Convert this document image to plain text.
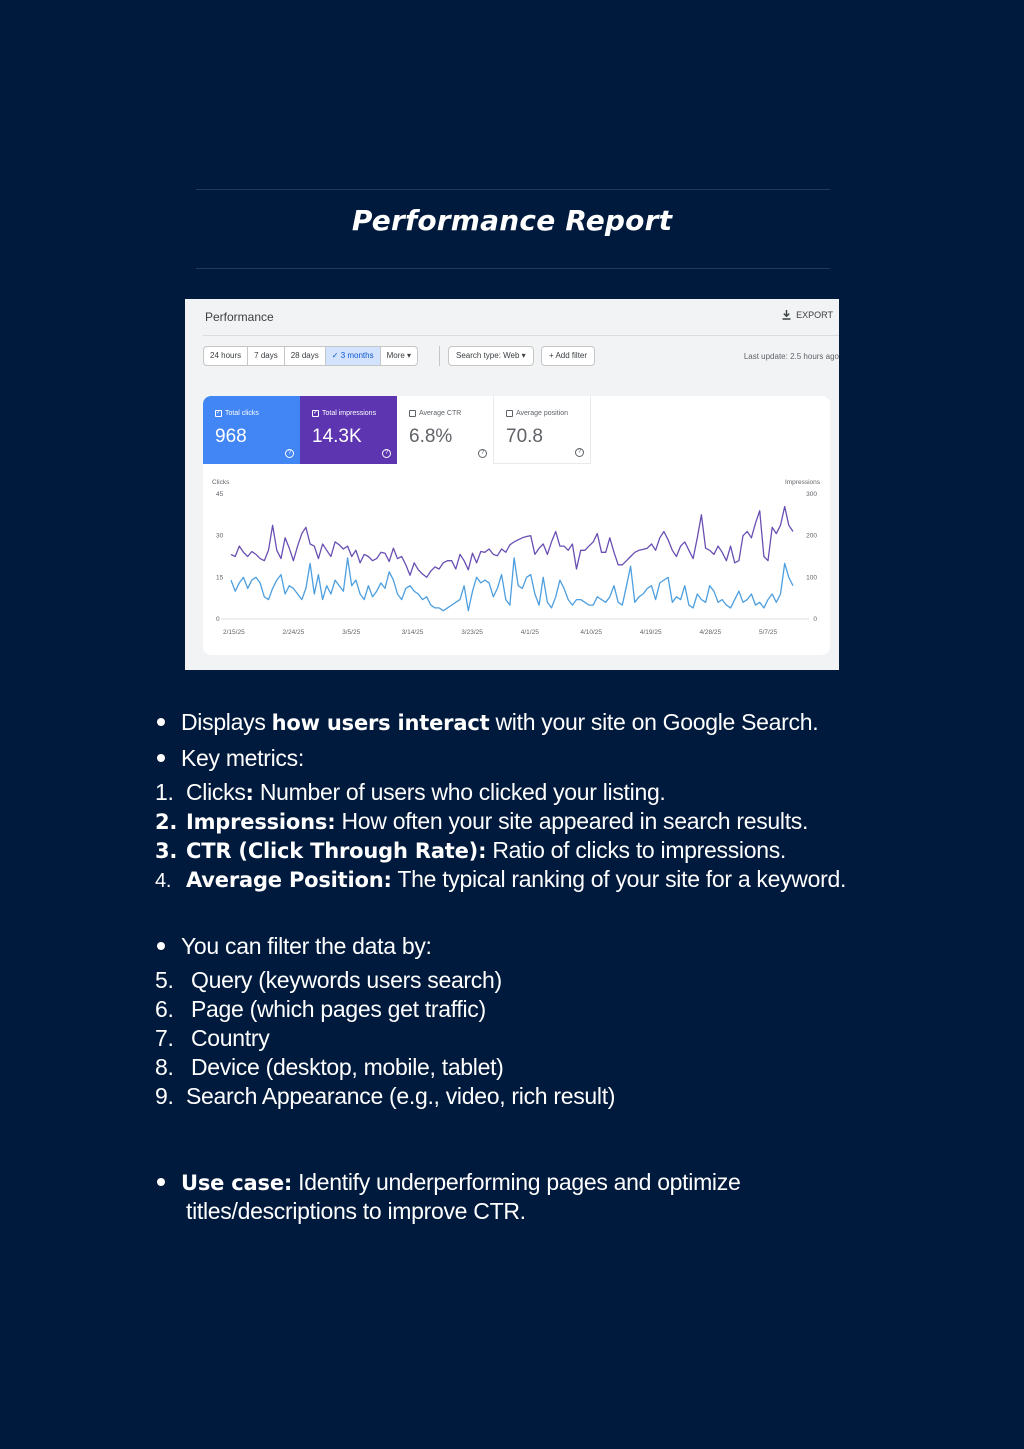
Performance Report
Performance	EXPORT
24 hours	7 days	28 days	✓ 3 months	More ▾	Search type: Web ▾	+ Add filter	Last update: 2.5 hours ago
✓ Total clicks
968
?
✓ Total impressions
14.3K
?
Average CTR
6.8%
?
Average position
70.8
?
Clicks	Impressions
45
30
15
0
300
200
100
0
2/15/25	2/24/25	3/5/25	3/14/25	3/23/25	4/1/25	4/10/25	4/19/25	4/28/25	5/7/25
Displays how users interact with your site on Google Search.
Key metrics:
1. Clicks: Number of users who clicked your listing.
2. Impressions: How often your site appeared in search results.
3. CTR (Click Through Rate): Ratio of clicks to impressions.
4. Average Position: The typical ranking of your site for a keyword.
You can filter the data by:
5. Query (keywords users search)
6. Page (which pages get traffic)
7. Country
8. Device (desktop, mobile, tablet)
9. Search Appearance (e.g., video, rich result)
Use case: Identify underperforming pages and optimize
titles/descriptions to improve CTR.
